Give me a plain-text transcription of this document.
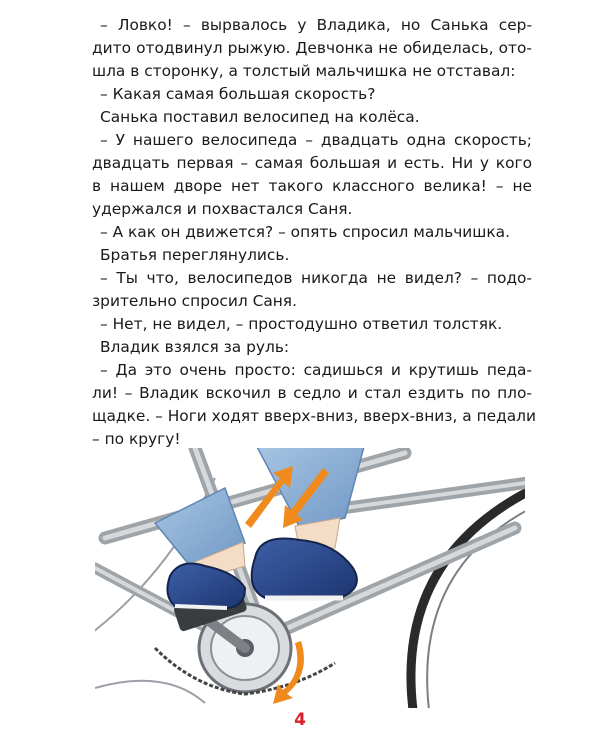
– Ловко! – вырвалось у Владика, но Санька сер-
дито отодвинул рыжую. Девчонка не обиделась, ото-
шла в сторонку, а толстый мальчишка не отставал:

– Какая самая большая скорость?

Санька поставил велосипед на колёса.

– У нашего велосипеда – двадцать одна скорость;
двадцать первая – самая большая и есть. Ни у кого
в нашем дворе нет такого классного велика! – не
удержался и похвастался Саня.

– А как он движется? – опять спросил мальчишка.

Братья переглянулись.

– Ты что, велосипедов никогда не видел? – подо-
зрительно спросил Саня.

– Нет, не видел, – простодушно ответил толстяк.

Владик взялся за руль:

– Да это очень просто: садишься и крутишь педа-
ли! – Владик вскочил в седло и стал ездить по пло-
щадке. – Ноги ходят вверх-вниз, вверх-вниз, а педали
– по кругу!

4
